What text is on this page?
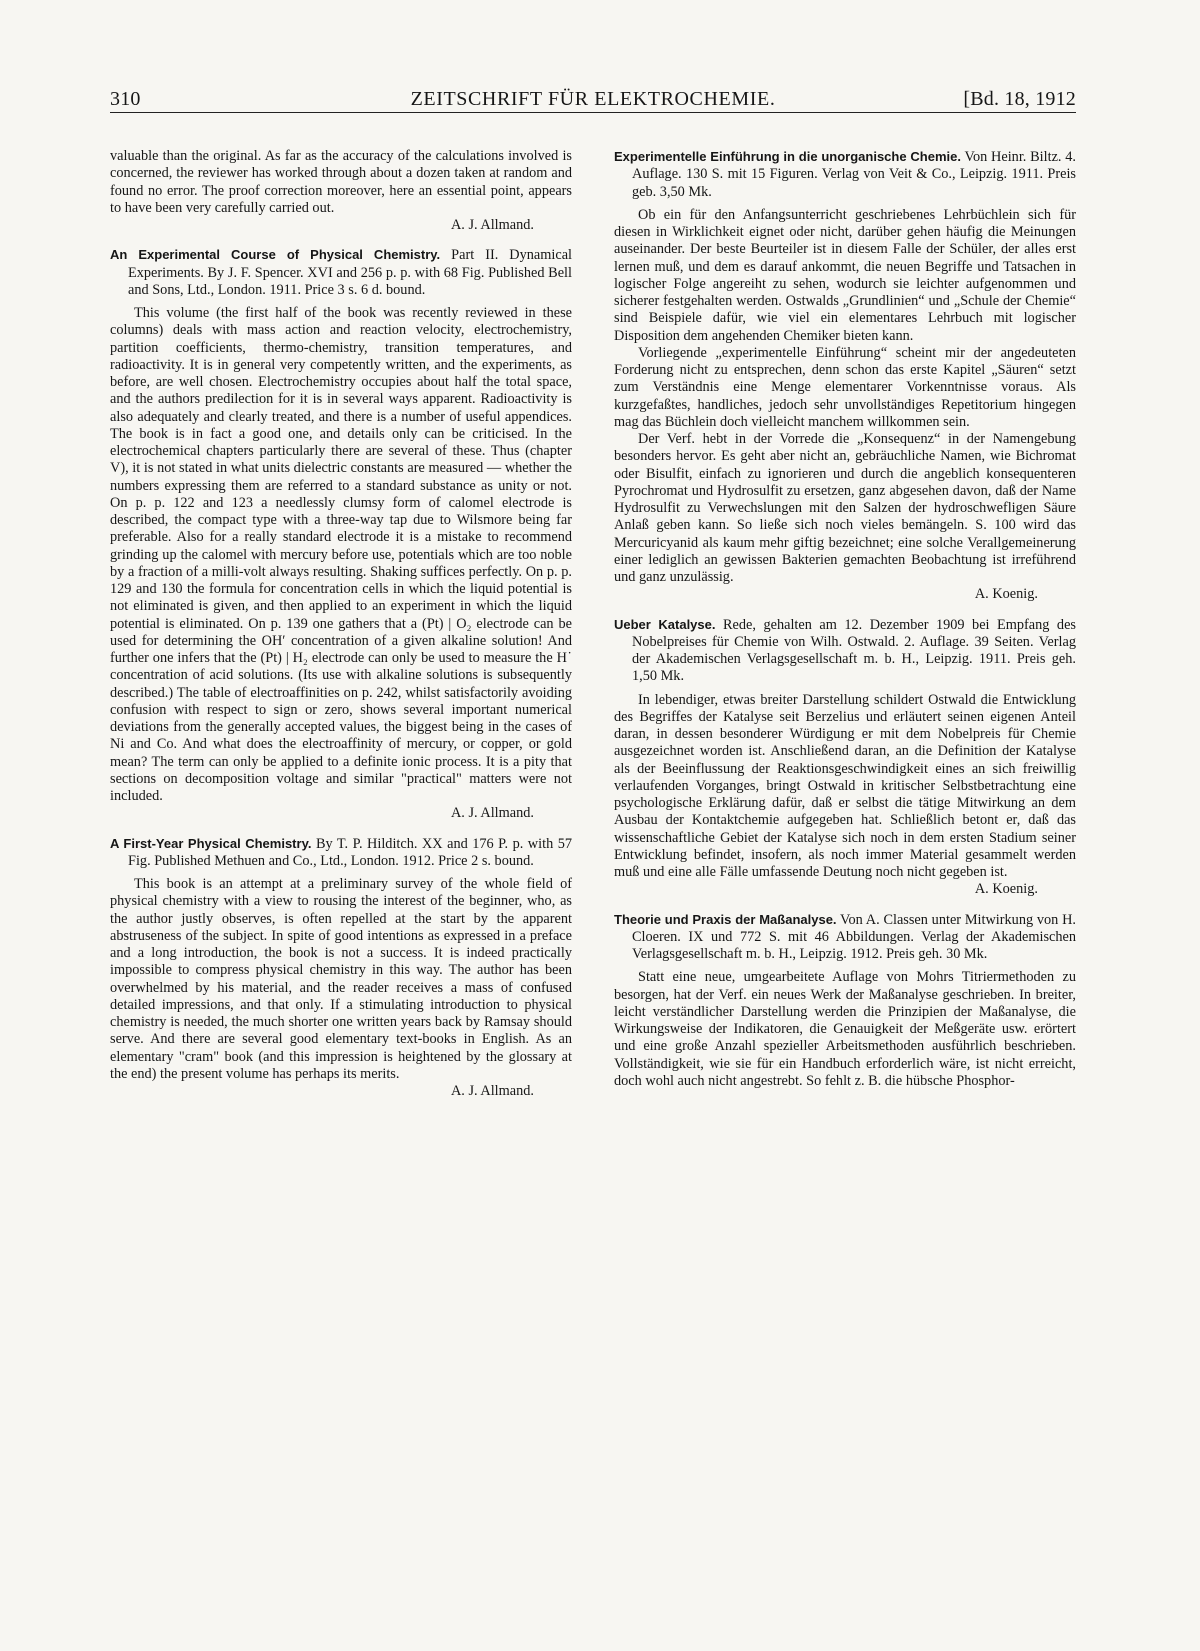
310	ZEITSCHRIFT FÜR ELEKTROCHEMIE.	[Bd. 18, 1912

valuable than the original. As far as the accuracy of the calculations involved is concerned, the reviewer has worked through about a dozen taken at random and found no error. The proof correction moreover, here an essential point, appears to have been very carefully carried out.

A. J. Allmand.

An Experimental Course of Physical Chemistry. Part II. Dynamical Experiments. By J. F. Spencer. XVI and 256 p. p. with 68 Fig. Published Bell and Sons, Ltd., London. 1911. Price 3 s. 6 d. bound.

This volume (the first half of the book was recently reviewed in these columns) deals with mass action and reaction velocity, electrochemistry, partition coefficients, thermo-chemistry, transition temperatures, and radioactivity. It is in general very competently written, and the experiments, as before, are well chosen. Electrochemistry occupies about half the total space, and the authors predilection for it is in several ways apparent. Radioactivity is also adequately and clearly treated, and there is a number of useful appendices. The book is in fact a good one, and details only can be criticised. In the electrochemical chapters particularly there are several of these. Thus (chapter V), it is not stated in what units dielectric constants are measured — whether the numbers expressing them are referred to a standard substance as unity or not. On p. p. 122 and 123 a needlessly clumsy form of calomel electrode is described, the compact type with a three-way tap due to Wilsmore being far preferable. Also for a really standard electrode it is a mistake to recommend grinding up the calomel with mercury before use, potentials which are too noble by a fraction of a milli-volt always resulting. Shaking suffices perfectly. On p. p. 129 and 130 the formula for concentration cells in which the liquid potential is not eliminated is given, and then applied to an experiment in which the liquid potential is eliminated. On p. 139 one gathers that a (Pt) | O₂ electrode can be used for determining the OH′ concentration of a given alkaline solution! And further one infers that the (Pt) | H₂ electrode can only be used to measure the H˙ concentration of acid solutions. (Its use with alkaline solutions is subsequently described.) The table of electroaffinities on p. 242, whilst satisfactorily avoiding confusion with respect to sign or zero, shows several important numerical deviations from the generally accepted values, the biggest being in the cases of Ni and Co. And what does the electroaffinity of mercury, or copper, or gold mean? The term can only be applied to a definite ionic process. It is a pity that sections on decomposition voltage and similar "practical" matters were not included.

A. J. Allmand.

A First-Year Physical Chemistry. By T. P. Hilditch. XX and 176 P. p. with 57 Fig. Published Methuen and Co., Ltd., London. 1912. Price 2 s. bound.

This book is an attempt at a preliminary survey of the whole field of physical chemistry with a view to rousing the interest of the beginner, who, as the author justly observes, is often repelled at the start by the apparent abstruseness of the subject. In spite of good intentions as expressed in a preface and a long introduction, the book is not a success. It is indeed practically impossible to compress physical chemistry in this way. The author has been overwhelmed by his material, and the reader receives a mass of confused detailed impressions, and that only. If a stimulating introduction to physical chemistry is needed, the much shorter one written years back by Ramsay should serve. And there are several good elementary text-books in English. As an elementary "cram" book (and this impression is heightened by the glossary at the end) the present volume has perhaps its merits.

A. J. Allmand.

Experimentelle Einführung in die unorganische Chemie. Von Heinr. Biltz. 4. Auflage. 130 S. mit 15 Figuren. Verlag von Veit & Co., Leipzig. 1911. Preis geb. 3,50 Mk.

Ob ein für den Anfangsunterricht geschriebenes Lehrbüchlein sich für diesen in Wirklichkeit eignet oder nicht, darüber gehen häufig die Meinungen auseinander. Der beste Beurteiler ist in diesem Falle der Schüler, der alles erst lernen muß, und dem es darauf ankommt, die neuen Begriffe und Tatsachen in logischer Folge angereiht zu sehen, wodurch sie leichter aufgenommen und sicherer festgehalten werden. Ostwalds „Grundlinien“ und „Schule der Chemie“ sind Beispiele dafür, wie viel ein elementares Lehrbuch mit logischer Disposition dem angehenden Chemiker bieten kann.

Vorliegende „experimentelle Einführung“ scheint mir der angedeuteten Forderung nicht zu entsprechen, denn schon das erste Kapitel „Säuren“ setzt zum Verständnis eine Menge elementarer Vorkenntnisse voraus. Als kurzgefaßtes, handliches, jedoch sehr unvollständiges Repetitorium hingegen mag das Büchlein doch vielleicht manchem willkommen sein.

Der Verf. hebt in der Vorrede die „Konsequenz“ in der Namengebung besonders hervor. Es geht aber nicht an, gebräuchliche Namen, wie Bichromat oder Bisulfit, einfach zu ignorieren und durch die angeblich konsequenteren Pyrochromat und Hydrosulfit zu ersetzen, ganz abgesehen davon, daß der Name Hydrosulfit zu Verwechslungen mit den Salzen der hydroschwefligen Säure Anlaß geben kann. So ließe sich noch vieles bemängeln. S. 100 wird das Mercuricyanid als kaum mehr giftig bezeichnet; eine solche Verallgemeinerung einer lediglich an gewissen Bakterien gemachten Beobachtung ist irreführend und ganz unzulässig.

A. Koenig.

Ueber Katalyse. Rede, gehalten am 12. Dezember 1909 bei Empfang des Nobelpreises für Chemie von Wilh. Ostwald. 2. Auflage. 39 Seiten. Verlag der Akademischen Verlagsgesellschaft m. b. H., Leipzig. 1911. Preis geh. 1,50 Mk.

In lebendiger, etwas breiter Darstellung schildert Ostwald die Entwicklung des Begriffes der Katalyse seit Berzelius und erläutert seinen eigenen Anteil daran, in dessen besonderer Würdigung er mit dem Nobelpreis für Chemie ausgezeichnet worden ist. Anschließend daran, an die Definition der Katalyse als der Beeinflussung der Reaktionsgeschwindigkeit eines an sich freiwillig verlaufenden Vorganges, bringt Ostwald in kritischer Selbstbetrachtung eine psychologische Erklärung dafür, daß er selbst die tätige Mitwirkung an dem Ausbau der Kontaktchemie aufgegeben hat. Schließlich betont er, daß das wissenschaftliche Gebiet der Katalyse sich noch in dem ersten Stadium seiner Entwicklung befindet, insofern, als noch immer Material gesammelt werden muß und eine alle Fälle umfassende Deutung noch nicht gegeben ist.

A. Koenig.

Theorie und Praxis der Maßanalyse. Von A. Classen unter Mitwirkung von H. Cloeren. IX und 772 S. mit 46 Abbildungen. Verlag der Akademischen Verlagsgesellschaft m. b. H., Leipzig. 1912. Preis geh. 30 Mk.

Statt eine neue, umgearbeitete Auflage von Mohrs Titriermethoden zu besorgen, hat der Verf. ein neues Werk der Maßanalyse geschrieben. In breiter, leicht verständlicher Darstellung werden die Prinzipien der Maßanalyse, die Wirkungsweise der Indikatoren, die Genauigkeit der Meßgeräte usw. erörtert und eine große Anzahl spezieller Arbeitsmethoden ausführlich beschrieben. Vollständigkeit, wie sie für ein Handbuch erforderlich wäre, ist nicht erreicht, doch wohl auch nicht angestrebt. So fehlt z. B. die hübsche Phosphor-
